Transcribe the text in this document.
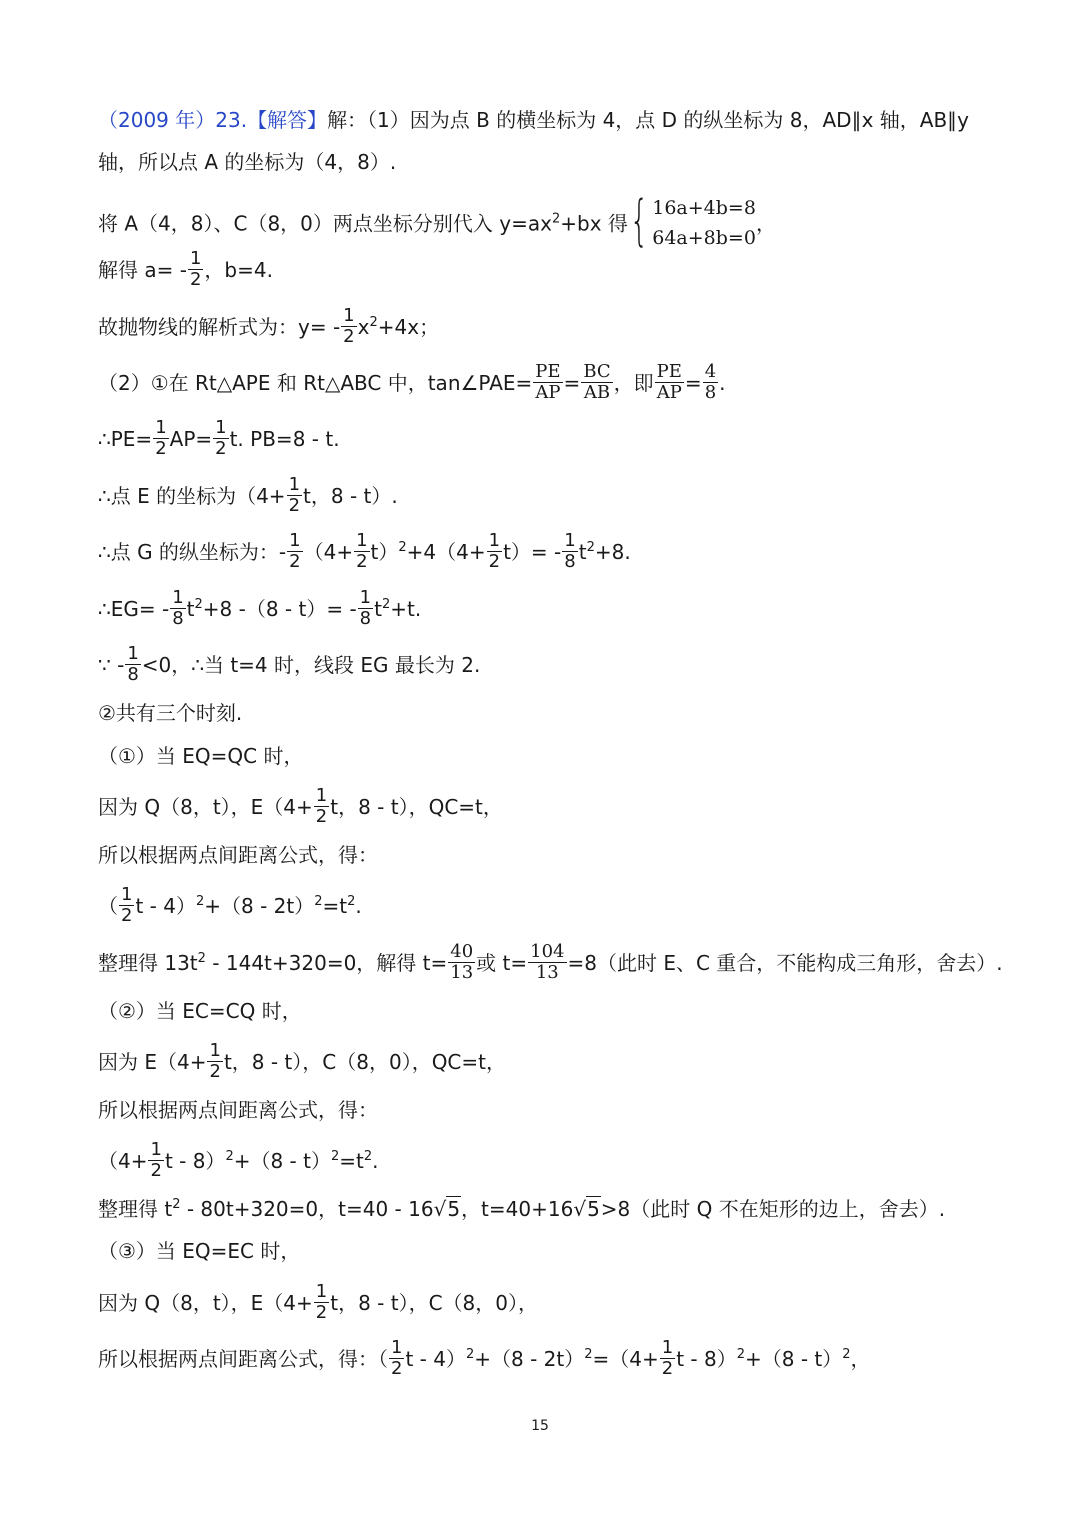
（2009 年）23.【解答】解：（1）因为点 B 的横坐标为 4，点 D 的纵坐标为 8，AD∥x 轴，AB∥y
轴，所以点 A 的坐标为（4，8）.
将 A（4，8）、C（8，0）两点坐标分别代入 $y=ax^2+bx$ 得{ 16a+4b=8
64a+8b=0
，
解得 $a= - \frac{1}{2}$ ，b=4.
故抛物线的解析式为：$y= - \frac{1}{2} x^2+4x$；
（2）①在 Rt△APE 和 Rt△ABC 中，tan∠PAE= $\frac{PE}{AP} = \frac{BC}{AB}$ ，即 $\frac{PE}{AP} = \frac{4}{8}$ .
∴PE= $\frac{1}{2} AP= \frac{1}{2} t$. PB=8 - t.
∴点 E 的坐标为（$4+ \frac{1}{2}$ t，8 - t）.
∴点 G 的纵坐标为：- $\frac{1}{2} (4+ \frac{1}{2} t)^2+4(4+ \frac{1}{2} t)= - \frac{1}{8} t^2+8$.
∴EG= - $\frac{1}{8} t^2+8$ $-(8 - t)= - \frac{1}{8} t^2+t$.
∵ - $\frac{1}{8} <0$，∴当 t=4 时，线段 EG 最长为 2.
②共有三个时刻.
（①）当 EQ=QC 时，
因为 Q（8，t），$E(4+ \frac{1}{2}$ t，8 - t），QC=t，
所以根据两点间距离公式，得：
（ $\frac{1}{2}$ $t - 4)^2+(8 - 2t)^2=t^2$.
整理得 $13t^2 - 144t+320=0$，解得 $t= \frac{40}{13}$ 或 $t= \frac{104}{13} =8$（此时 E、C 重合，不能构成三角形，舍去）.
（②）当 EC=CQ 时，
因为 $E(4+ \frac{1}{2}$ t，8 - t），C（8，0），QC=t，
所以根据两点间距离公式，得：
（$4+ \frac{1}{2}$ $t - 8)^2+(8 - t)^2=t^2$.
整理得 $t^2 - 80t+320=0$，t=40 - 16√5，t=40+16√5>8（此时 Q 不在矩形的边上，舍去）.
（③）当 EQ=EC 时，
因为 Q（8，t），$E(4+ \frac{1}{2}$ t，8 - t），C（8，0），
所以根据两点间距离公式，得：（ $\frac{1}{2}$ $t - 4)^2+(8 - 2t)^2=(4+ \frac{1}{2}$ $t - 8)^2+(8 - t)^2$，
15
